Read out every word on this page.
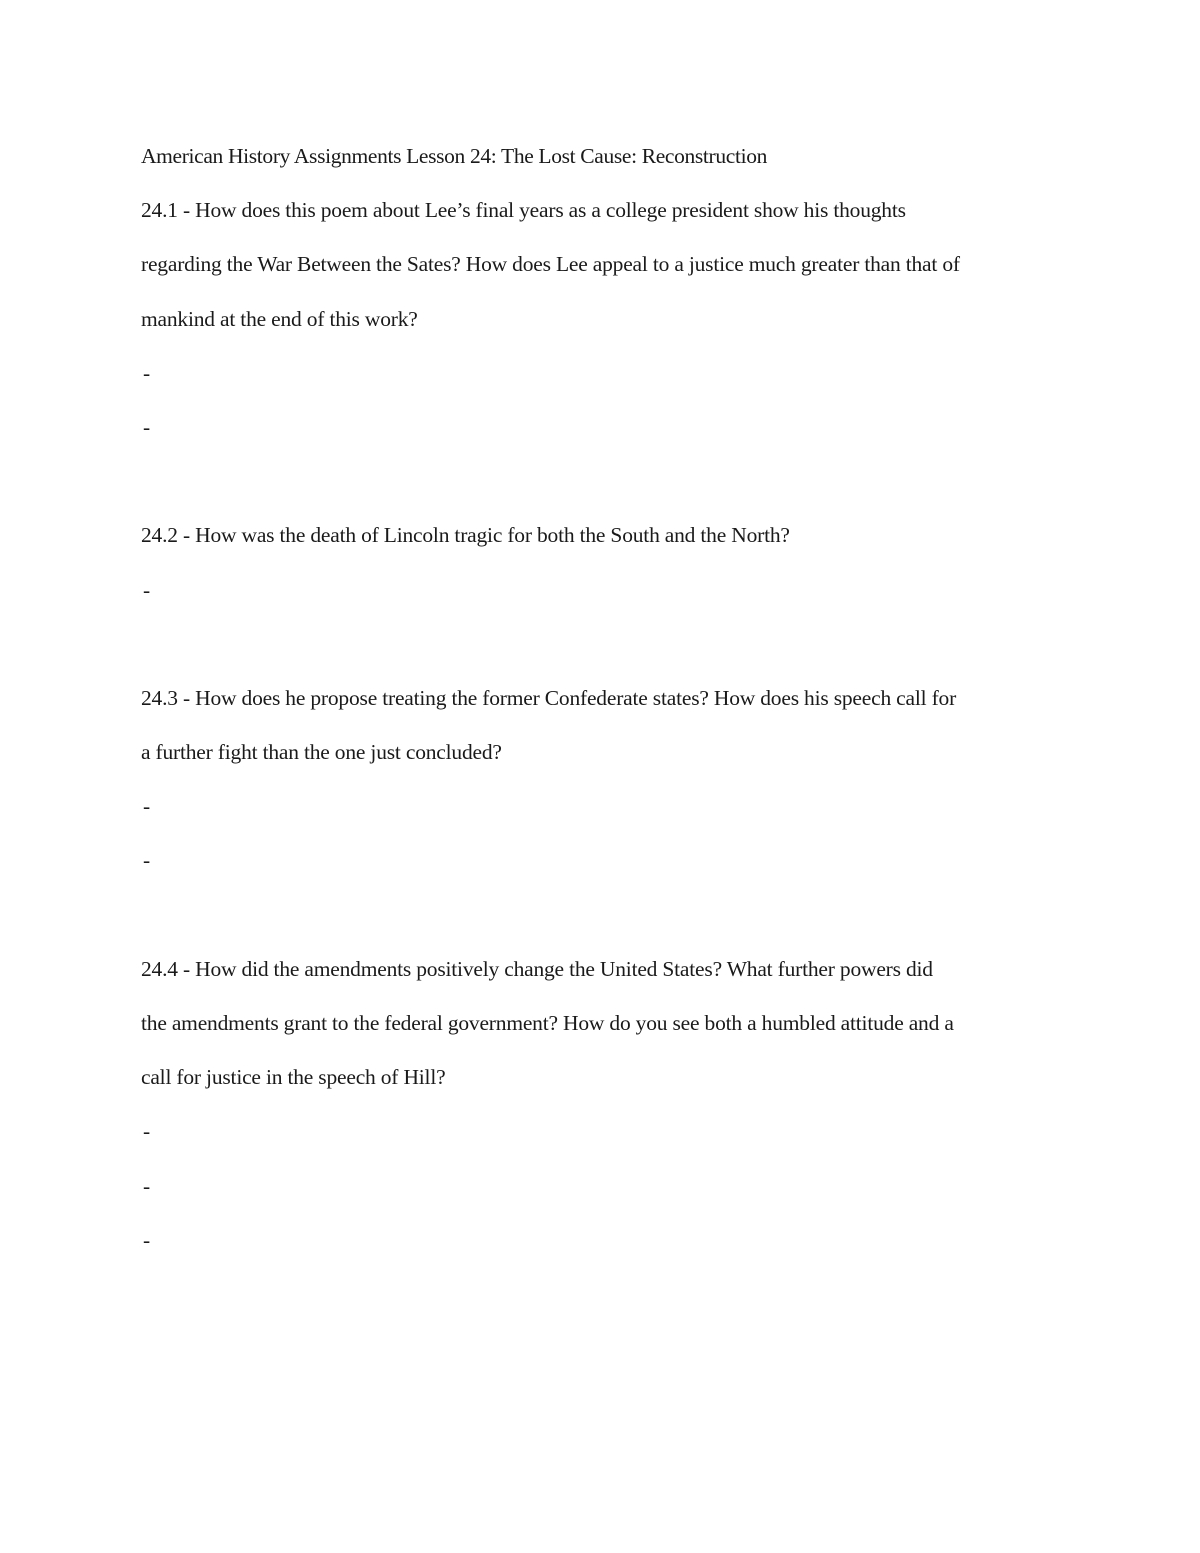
American History Assignments Lesson 24: The Lost Cause: Reconstruction
24.1 - How does this poem about Lee’s final years as a college president show his thoughts
regarding the War Between the Sates? How does Lee appeal to a justice much greater than that of
mankind at the end of this work?
-
-
24.2 - How was the death of Lincoln tragic for both the South and the North?
-
24.3 - How does he propose treating the former Confederate states? How does his speech call for
a further fight than the one just concluded?
-
-
24.4 - How did the amendments positively change the United States? What further powers did
the amendments grant to the federal government? How do you see both a humbled attitude and a
call for justice in the speech of Hill?
-
-
-
